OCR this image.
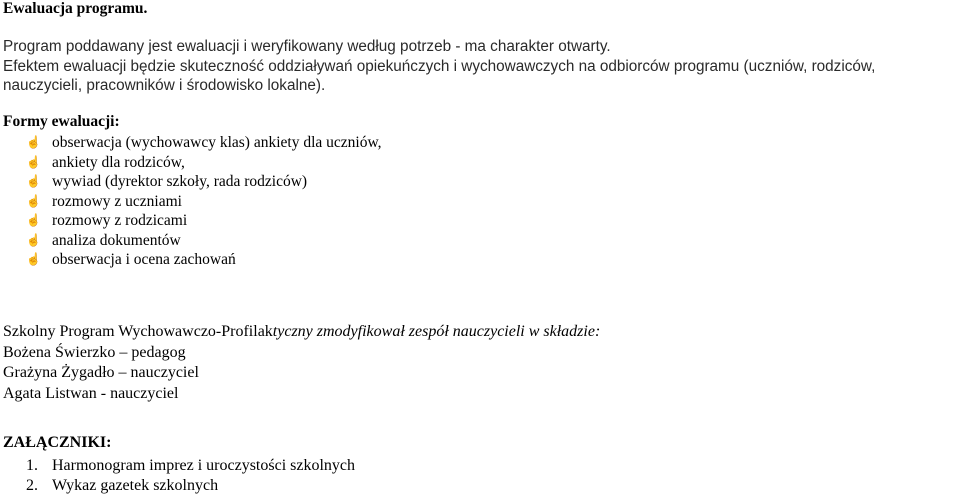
Ewaluacja programu.

Program poddawany jest ewaluacji i weryfikowany według potrzeb - ma charakter otwarty.

Efektem ewaluacji będzie skuteczność oddziaływań opiekuńczych i wychowawczych na odbiorców programu (uczniów, rodziców, nauczycieli, pracowników i środowisko lokalne).

Formy ewaluacji:
☝ obserwacja (wychowawcy klas) ankiety dla uczniów,
☝ ankiety dla rodziców,
☝ wywiad (dyrektor szkoły, rada rodziców)
☝ rozmowy z uczniami
☝ rozmowy z rodzicami
☝ analiza dokumentów
☝ obserwacja i ocena zachowań
Szkolny Program Wychowawczo-Profilaktyczny zmodyfikował zespół nauczycieli w składzie:
Bożena Świerzko – pedagog
Grażyna Żygadło – nauczyciel
Agata Listwan - nauczyciel
ZAŁĄCZNIKI:
1. Harmonogram imprez i uroczystości szkolnych
2. Wykaz gazetek szkolnych
